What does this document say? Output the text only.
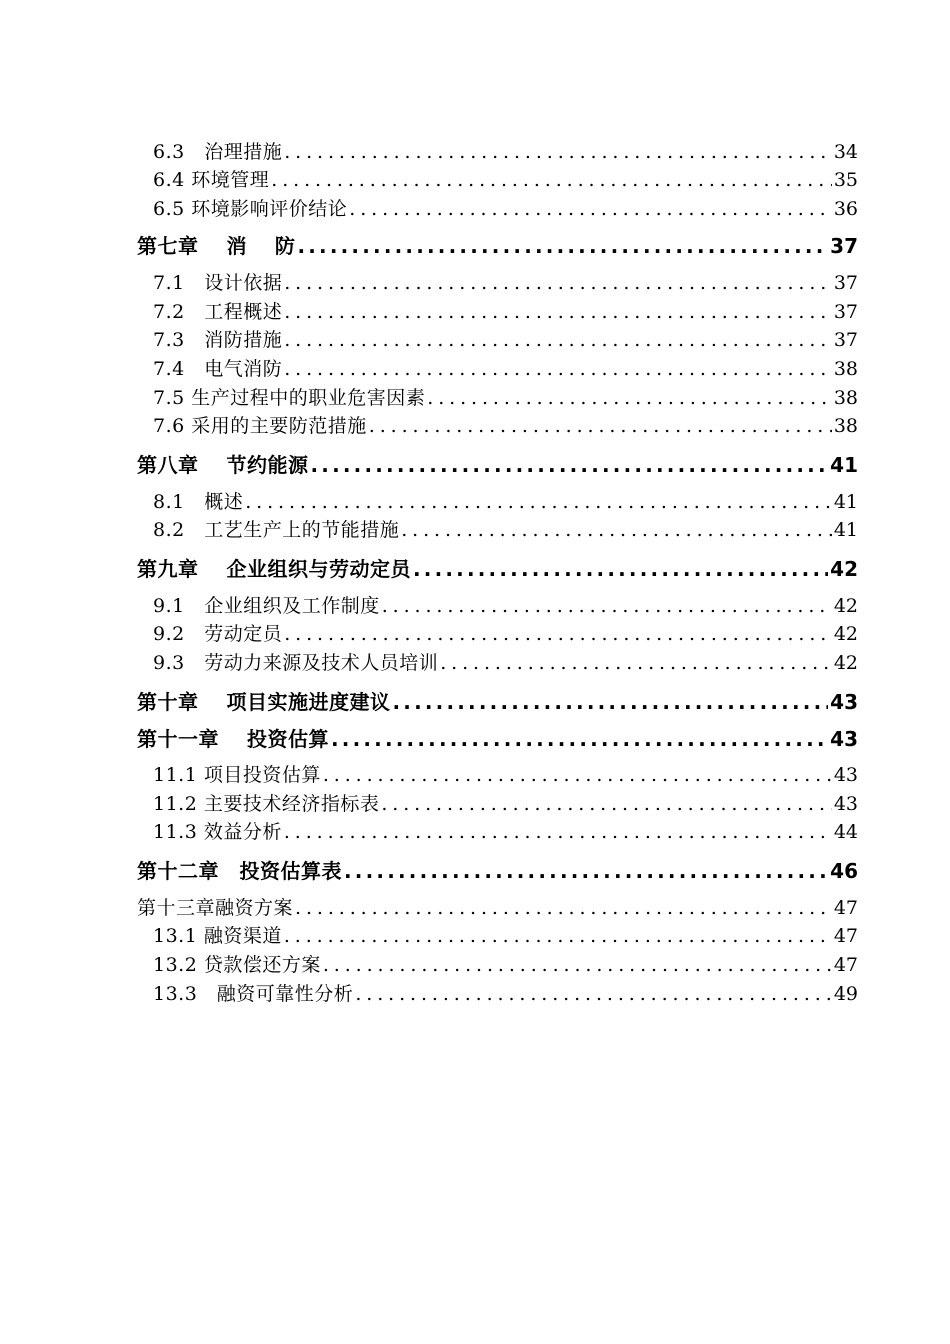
6.3　治理措施 .....	34
6.4 环境管理 .....	35
6.5 环境影响评价结论 .....	36
第七章　 消　 防 .....	37
7.1　设计依据 .....	37
7.2　工程概述 .....	37
7.3　消防措施 .....	37
7.4　电气消防 .....	38
7.5 生产过程中的职业危害因素 .....	38
7.6 采用的主要防范措施 .....	38
第八章　 节约能源 .....	41
8.1　概述 .....	41
8.2　工艺生产上的节能措施 .....	41
第九章　 企业组织与劳动定员 .....	42
9.1　企业组织及工作制度 .....	42
9.2　劳动定员 .....	42
9.3　劳动力来源及技术人员培训 .....	42
第十章　 项目实施进度建议 .....	43
第十一章　 投资估算 .....	43
11.1 项目投资估算 .....	43
11.2 主要技术经济指标表 .....	43
11.3 效益分析 .....	44
第十二章　投资估算表 .....	46
第十三章融资方案 .....	47
13.1 融资渠道 .....	47
13.2 贷款偿还方案 .....	47
13.3　融资可靠性分析 .....	49
